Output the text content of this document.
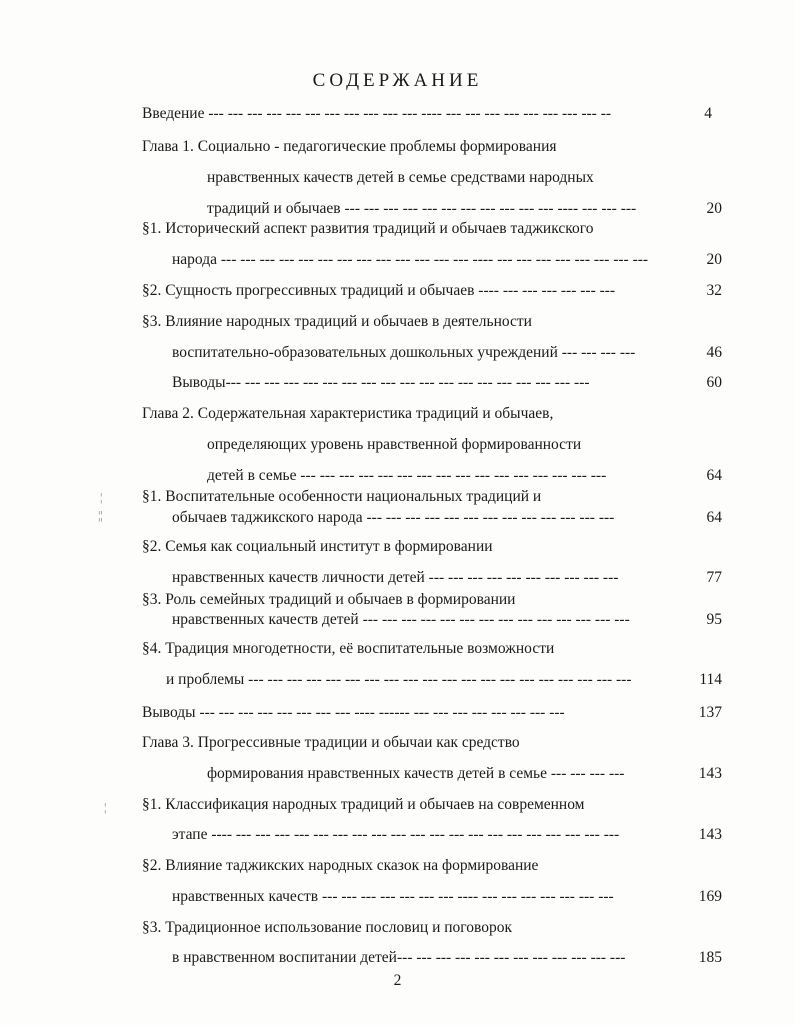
СОДЕРЖАНИЕ
Введение --- --- --- --- --- --- --- --- --- --- --- ---- --- --- --- --- --- --- --- --- --	4
Глава 1. Социально - педагогические проблемы формирования
нравственных качеств детей в семье средствами народных
традиций и обычаев --- --- --- --- --- --- --- --- --- --- --- ---- --- --- ---	20
§1. Исторический аспект развития традиций и обычаев таджикского
народа --- --- --- --- --- --- --- --- --- --- --- --- --- ---- --- --- --- --- --- --- --- ---	20
§2. Сущность прогрессивных традиций и обычаев ---- --- --- --- --- --- ---	32
§3. Влияние народных традиций и обычаев в деятельности
воспитательно-образовательных дошкольных учреждений --- --- --- ---	46
Выводы--- --- --- --- --- --- --- --- --- --- --- --- --- --- --- --- --- --- ---	60
Глава 2. Содержательная характеристика традиций и обычаев,
определяющих уровень нравственной формированности
детей в семье --- --- --- --- --- --- --- --- --- --- --- --- --- --- --- ---	64
§1. Воспитательные особенности национальных традиций и
обычаев таджикского народа --- --- --- --- --- --- --- --- --- --- --- --- ---	64
§2. Семья как социальный институт в формировании
нравственных качеств личности детей --- --- --- --- --- --- --- --- --- ---	77
§3. Роль семейных традиций и обычаев в формировании
нравственных качеств детей --- --- --- --- --- --- --- --- --- --- --- --- --- ---	95
§4. Традиция многодетности, её воспитательные возможности
и проблемы --- --- --- --- --- --- --- --- --- --- --- --- --- --- --- --- --- --- --- ---	114
Выводы --- --- --- --- --- --- --- --- ---- ------ --- --- --- --- --- --- --- ---	137
Глава 3. Прогрессивные традиции и обычаи как средство
формирования нравственных качеств детей в семье --- --- --- ---	143
§1. Классификация народных традиций и обычаев на современном
этапе ---- --- --- --- --- --- --- --- --- --- --- --- --- --- --- --- --- --- --- --- ---	143
§2. Влияние таджикских народных сказок на формирование
нравственных качеств --- --- --- --- --- --- --- ---- --- --- --- --- --- --- ---	169
§3. Традиционное использование пословиц и поговорок
в нравственном воспитании детей--- --- --- --- --- --- --- --- --- --- --- ---	185
2
¦
¦¦
¦
